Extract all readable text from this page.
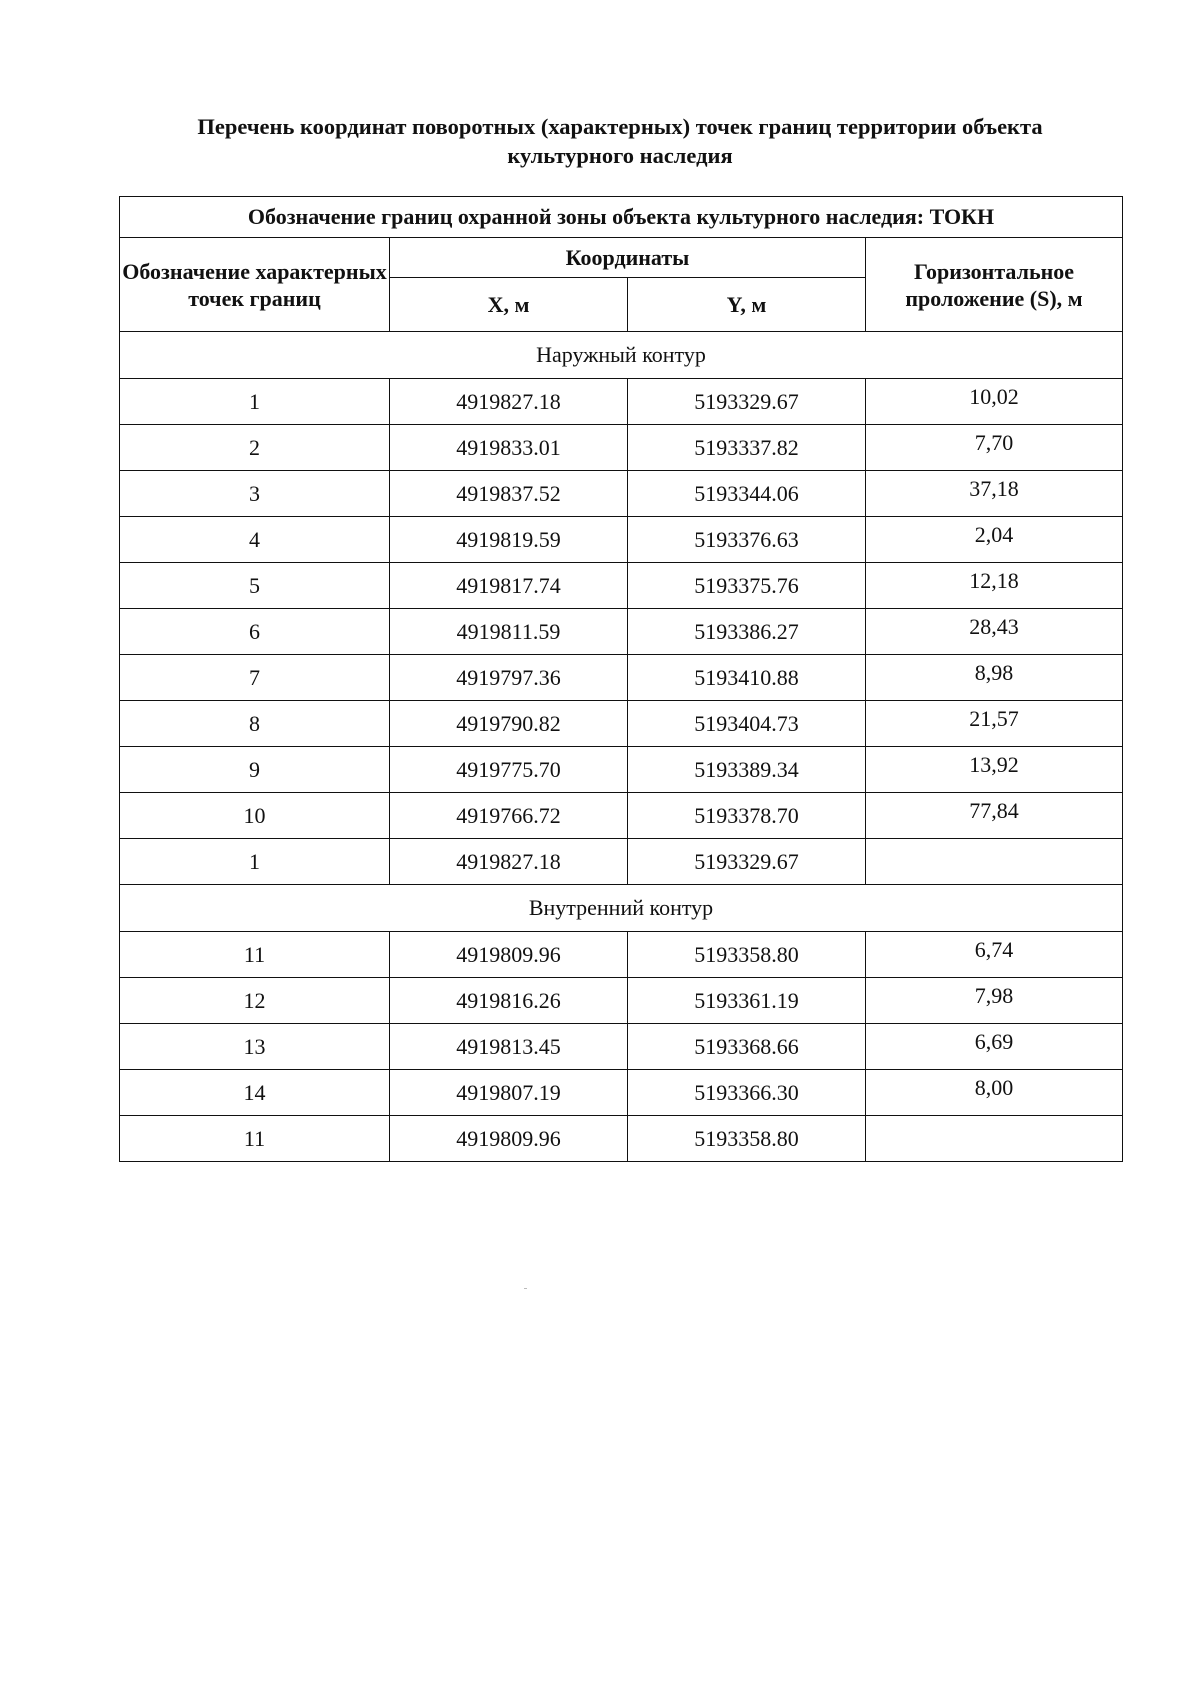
Перечень координат поворотных (характерных) точек границ территории объекта культурного наследия
Обозначение границ охранной зоны объекта культурного наследия: ТОКН			
Обозначение характерных точек границ	Координаты		Горизонтальное проложение (S), м
	X, м	Y, м	
Наружный контур			
1	4919827.18	5193329.67	10,02
2	4919833.01	5193337.82	7,70
3	4919837.52	5193344.06	37,18
4	4919819.59	5193376.63	2,04
5	4919817.74	5193375.76	12,18
6	4919811.59	5193386.27	28,43
7	4919797.36	5193410.88	8,98
8	4919790.82	5193404.73	21,57
9	4919775.70	5193389.34	13,92
10	4919766.72	5193378.70	77,84
1	4919827.18	5193329.67	
Внутренний контур			
11	4919809.96	5193358.80	6,74
12	4919816.26	5193361.19	7,98
13	4919813.45	5193368.66	6,69
14	4919807.19	5193366.30	8,00
11	4919809.96	5193358.80	
